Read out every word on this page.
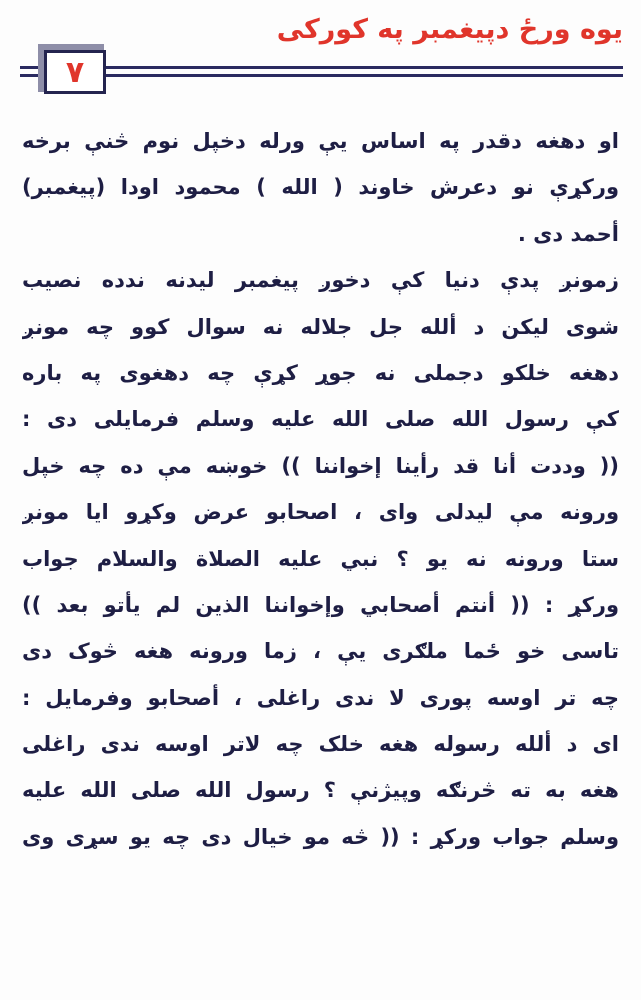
يوه ورځ دپيغمبر په کورکی
٧
او دهغه دقدر په اساس يې ورله دخپل نوم څنې برخه
ورکړې نو دعرش خاوند ( الله ) محمود اودا (پيغمبر)
أحمد دی .
زمونږ پدې دنيا کې دخوږ پيغمبر ليدنه ندده نصيب
شوی ليکن د ألله جل جلاله نه سوال کوو چه مونږ
دهغه خلکو دجملی نه جوړ کړې چه دهغوی په باره
کې رسول الله صلی الله عليه وسلم فرمايلی دی :
(( وددت أنا قد رأينا إخواننا )) خوښه مې ده چه خپل
ورونه مې ليدلی وای ، اصحابو عرض وکړو ايا مونږ
ستا ورونه نه يو ؟ نبي عليه الصلاة والسلام جواب
ورکړ : (( أنتم أصحابي وإخواننا الذين لم يأتو بعد ))
تاسی خو ځما ملګری يې ، زما ورونه هغه څوک دی
چه تر اوسه پوری لا ندی راغلی ، أصحابو وفرمايل :
ای د ألله رسوله هغه خلک چه لاتر اوسه ندی راغلی
هغه به ته څرنګه وپيژنې ؟ رسول الله صلی الله عليه
وسلم جواب ورکړ : (( څه مو خيال دی چه يو سړی وی
